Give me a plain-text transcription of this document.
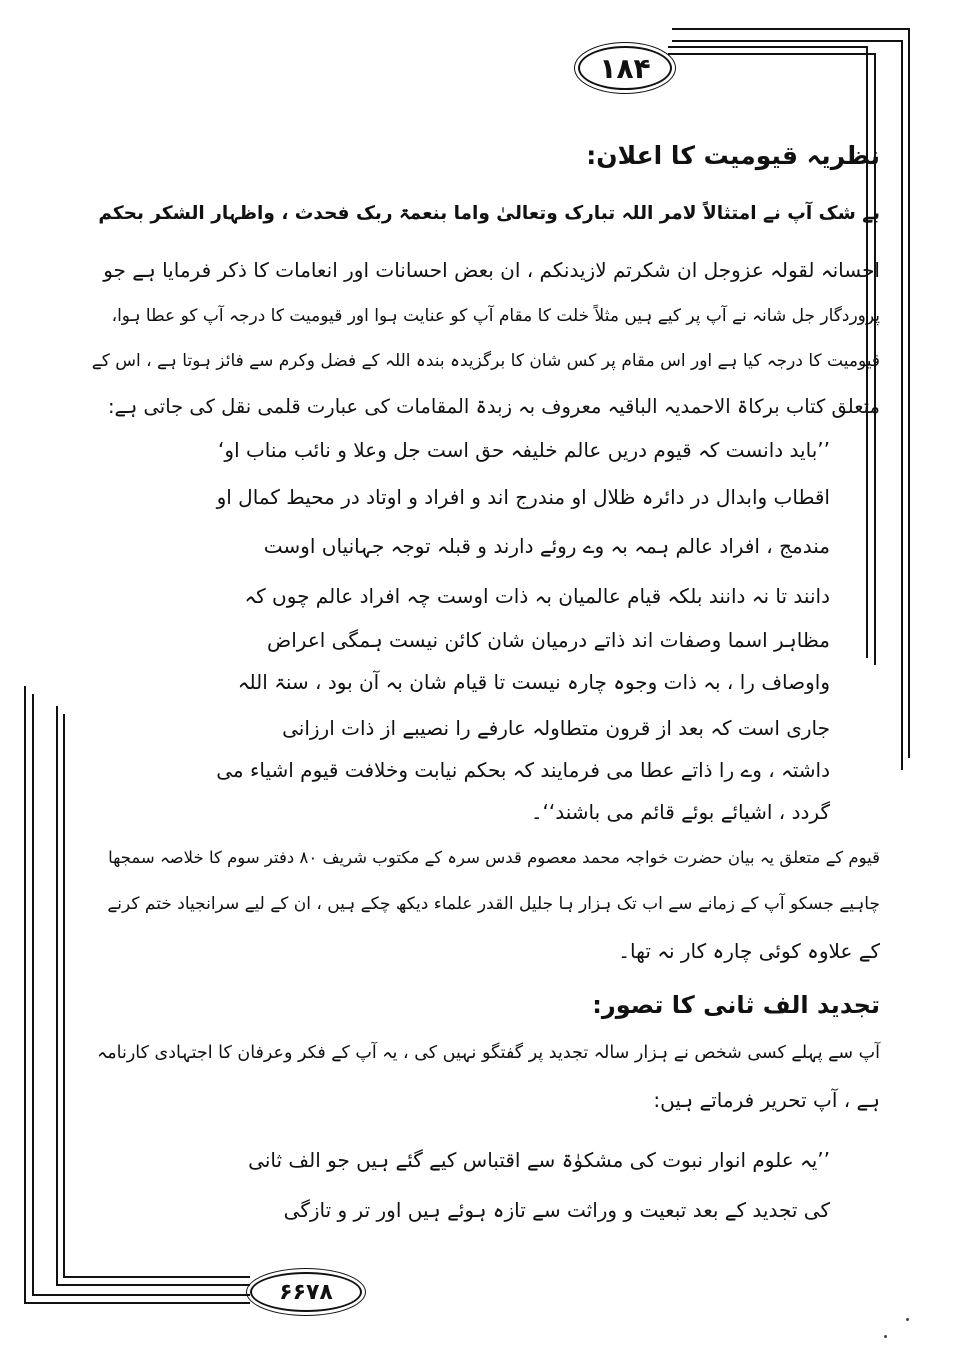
۱۸۴
۶۶۷۸
نظریہ قیومیت کا اعلان:
بے شک آپ نے امتثالاً لامر اللہ تبارک وتعالیٰ واما بنعمۃ ربک فحدث ، واظہار الشکر بحکم
احسانہ لقولہ عزوجل ان شکرتم لازیدنکم ، ان بعض احسانات اور انعامات کا ذکر فرمایا ہے جو
پروردگار جل شانہ نے آپ پر کیے ہیں مثلاً خلت کا مقام آپ کو عنایت ہوا اور قیومیت کا درجہ آپ کو عطا ہوا،
قیومیت کا درجہ کیا ہے اور اس مقام پر کس شان کا برگزیدہ بندہ اللہ کے فضل وکرم سے فائز ہوتا ہے ، اس کے
متعلق کتاب برکاۃ الاحمدیہ الباقیہ معروف بہ زبدۃ المقامات کی عبارت قلمی نقل کی جاتی ہے:
’’باید دانست کہ قیوم دریں عالم خلیفہ حق است جل وعلا و نائب مناب او‘
اقطاب وابدال در دائرہ ظلال او مندرج اند و افراد و اوتاد در محیط کمال او
مندمج ، افراد عالم ہمہ بہ وے روئے دارند و قبلہ توجہ جہانیاں اوست
دانند تا نہ دانند بلکہ قیام عالمیان بہ ذات اوست چہ افراد عالم چوں کہ
مظاہر اسما وصفات اند ذاتے درمیان شان کائن نیست ہمگی اعراض
واوصاف را ، بہ ذات وجوہ چارہ نیست تا قیام شان بہ آن بود ، سنۃ اللہ
جاری است کہ بعد از قرون متطاولہ عارفے را نصیبے از ذات ارزانی
داشتہ ، وے را ذاتے عطا می فرمایند کہ بحکم نیابت وخلافت قیوم اشیاء می
گردد ، اشیائے بوئے قائم می باشند‘‘۔
قیوم کے متعلق یہ بیان حضرت خواجہ محمد معصوم قدس سرہ کے مکتوب شریف ۸۰ دفتر سوم کا خلاصہ سمجھا
چاہیے جسکو آپ کے زمانے سے اب تک ہزار ہا جلیل القدر علماء دیکھ چکے ہیں ، ان کے لیے سرانجیاد ختم کرنے
کے علاوہ کوئی چارہ کار نہ تھا۔
تجدید الف ثانی کا تصور:
آپ سے پہلے کسی شخص نے ہزار سالہ تجدید پر گفتگو نہیں کی ، یہ آپ کے فکر وعرفان کا اجتہادی کارنامہ
ہے ، آپ تحریر فرماتے ہیں:
’’یہ علوم انوار نبوت کی مشکوٰۃ سے اقتباس کیے گئے ہیں جو الف ثانی
کی تجدید کے بعد تبعیت و وراثت سے تازہ ہوئے ہیں اور تر و تازگی
